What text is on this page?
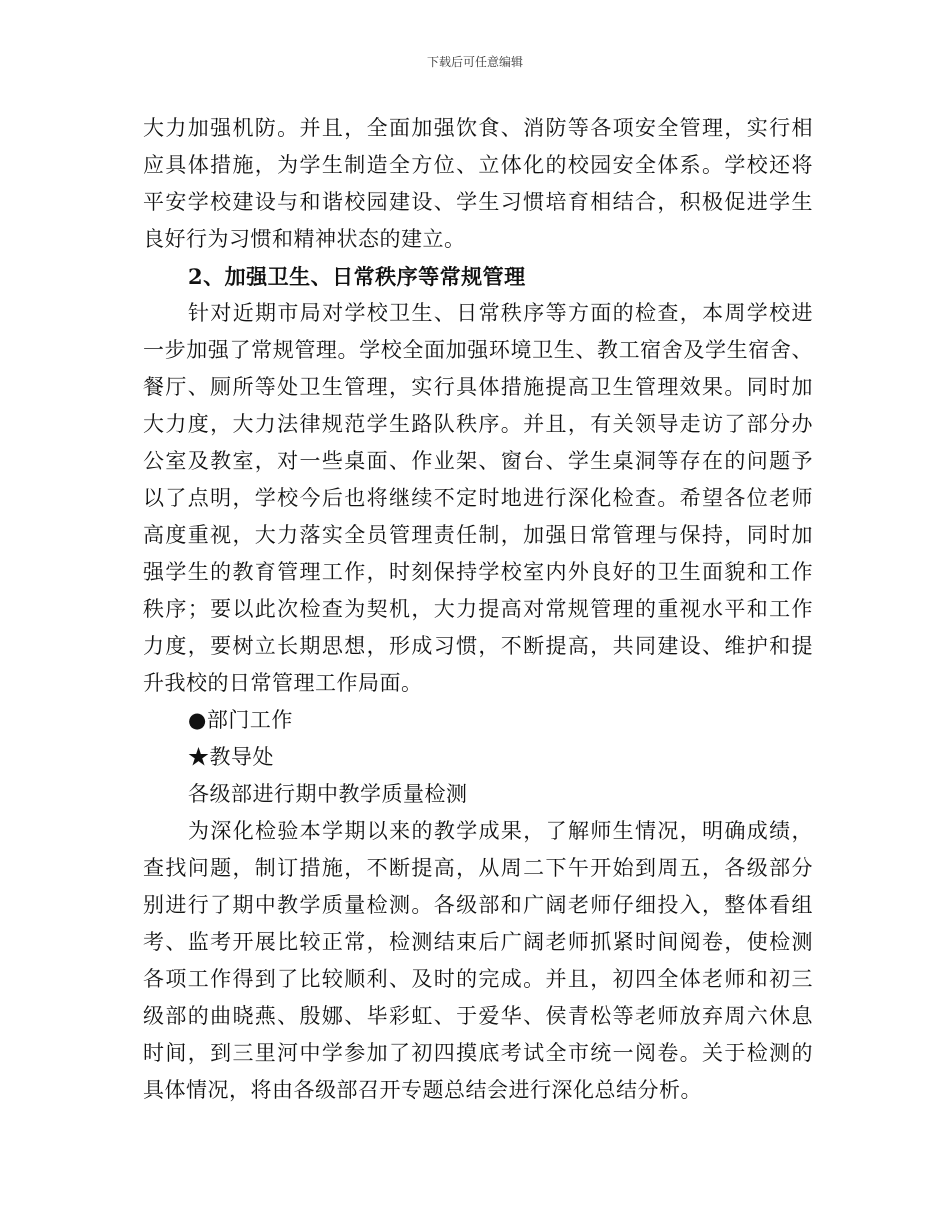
下载后可任意编辑
大力加强机防。并且，全面加强饮食、消防等各项安全管理，实行相
应具体措施，为学生制造全方位、立体化的校园安全体系。学校还将
平安学校建设与和谐校园建设、学生习惯培育相结合，积极促进学生
良好行为习惯和精神状态的建立。
2、加强卫生、日常秩序等常规管理
针对近期市局对学校卫生、日常秩序等方面的检查，本周学校进
一步加强了常规管理。学校全面加强环境卫生、教工宿舍及学生宿舍、
餐厅、厕所等处卫生管理，实行具体措施提高卫生管理效果。同时加
大力度，大力法律规范学生路队秩序。并且，有关领导走访了部分办
公室及教室，对一些桌面、作业架、窗台、学生桌洞等存在的问题予
以了点明，学校今后也将继续不定时地进行深化检查。希望各位老师
高度重视，大力落实全员管理责任制，加强日常管理与保持，同时加
强学生的教育管理工作，时刻保持学校室内外良好的卫生面貌和工作
秩序；要以此次检查为契机，大力提高对常规管理的重视水平和工作
力度，要树立长期思想，形成习惯，不断提高，共同建设、维护和提
升我校的日常管理工作局面。
●部门工作
★教导处
各级部进行期中教学质量检测
为深化检验本学期以来的教学成果，了解师生情况，明确成绩，
查找问题，制订措施，不断提高，从周二下午开始到周五，各级部分
别进行了期中教学质量检测。各级部和广阔老师仔细投入，整体看组
考、监考开展比较正常，检测结束后广阔老师抓紧时间阅卷，使检测
各项工作得到了比较顺利、及时的完成。并且，初四全体老师和初三
级部的曲晓燕、殷娜、毕彩虹、于爱华、侯青松等老师放弃周六休息
时间，到三里河中学参加了初四摸底考试全市统一阅卷。关于检测的
具体情况，将由各级部召开专题总结会进行深化总结分析。
